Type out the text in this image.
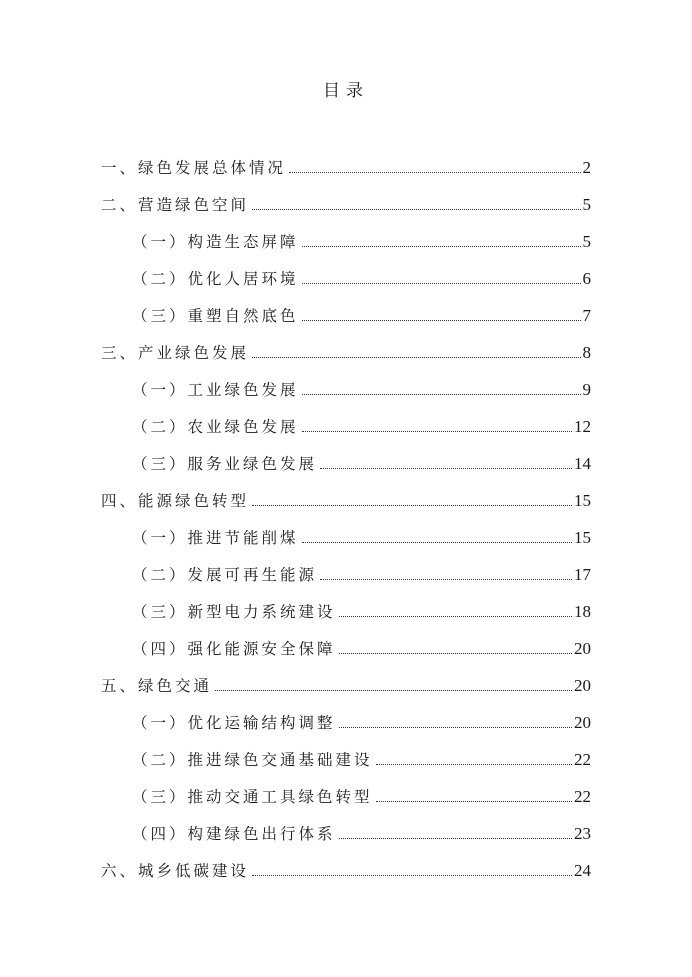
目录
一、绿色发展总体情况	2
二、营造绿色空间	5
（一）构造生态屏障	5
（二）优化人居环境	6
（三）重塑自然底色	7
三、产业绿色发展	8
（一）工业绿色发展	9
（二）农业绿色发展	12
（三）服务业绿色发展	14
四、能源绿色转型	15
（一）推进节能削煤	15
（二）发展可再生能源	17
（三）新型电力系统建设	18
（四）强化能源安全保障	20
五、绿色交通	20
（一）优化运输结构调整	20
（二）推进绿色交通基础建设	22
（三）推动交通工具绿色转型	22
（四）构建绿色出行体系	23
六、城乡低碳建设	24
